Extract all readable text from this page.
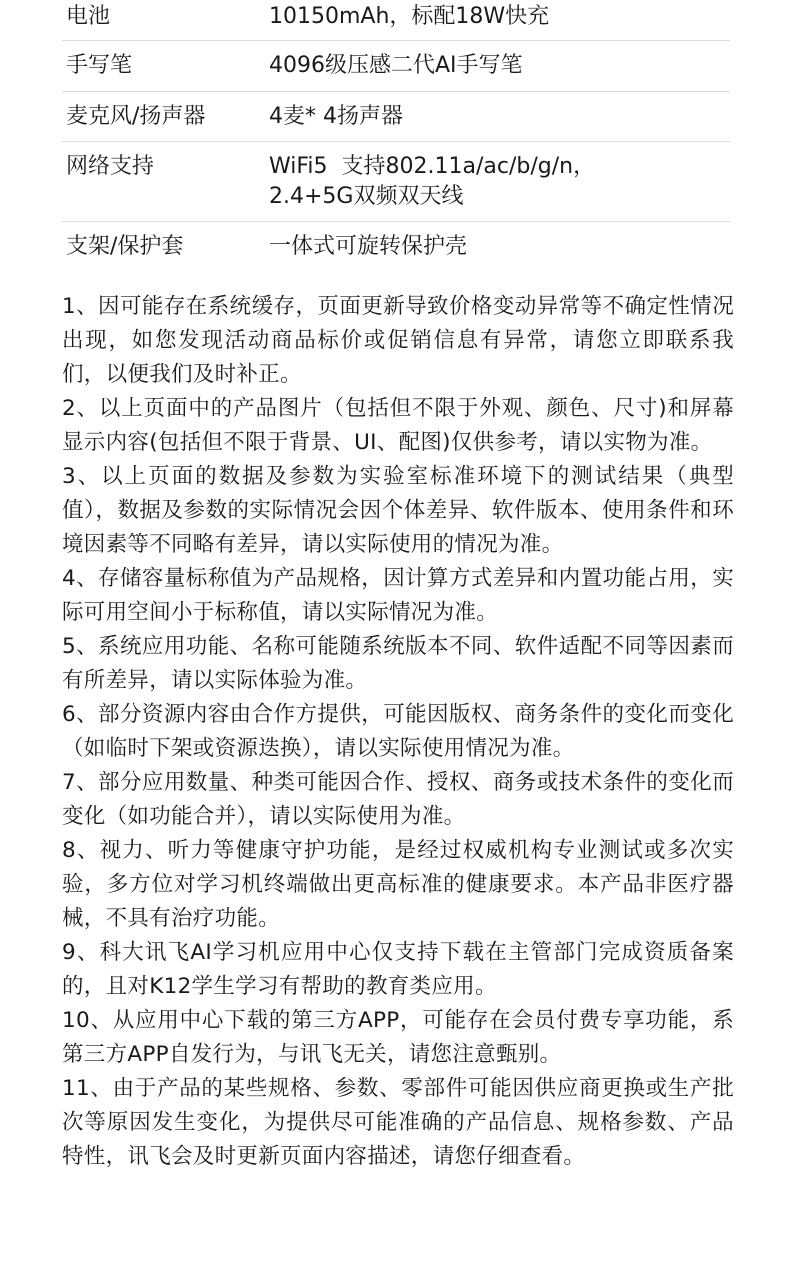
电池	10150mAh，标配18W快充
手写笔	4096级压感二代AI手写笔
麦克风/扬声器	4麦* 4扬声器
网络支持	WiFi5  支持802.11a/ac/b/g/n，
2.4+5G双频双天线
支架/保护套	一体式可旋转保护壳

1、因可能存在系统缓存，页面更新导致价格变动异常等不确定性情况出现，如您发现活动商品标价或促销信息有异常，请您立即联系我们，以便我们及时补正。

2、以上页面中的产品图片（包括但不限于外观、颜色、尺寸)和屏幕显示内容(包括但不限于背景、UI、配图)仅供参考，请以实物为准。

3、以上页面的数据及参数为实验室标准环境下的测试结果（典型值），数据及参数的实际情况会因个体差异、软件版本、使用条件和环境因素等不同略有差异，请以实际使用的情况为准。

4、存储容量标称值为产品规格，因计算方式差异和内置功能占用，实际可用空间小于标称值，请以实际情况为准。

5、系统应用功能、名称可能随系统版本不同、软件适配不同等因素而有所差异，请以实际体验为准。

6、部分资源内容由合作方提供，可能因版权、商务条件的变化而变化（如临时下架或资源迭换），请以实际使用情况为准。

7、部分应用数量、种类可能因合作、授权、商务或技术条件的变化而变化（如功能合并），请以实际使用为准。

8、视力、听力等健康守护功能，是经过权威机构专业测试或多次实验，多方位对学习机终端做出更高标准的健康要求。本产品非医疗器械，不具有治疗功能。

9、科大讯飞AI学习机应用中心仅支持下载在主管部门完成资质备案的，且对K12学生学习有帮助的教育类应用。

10、从应用中心下载的第三方APP，可能存在会员付费专享功能，系第三方APP自发行为，与讯飞无关，请您注意甄别。

11、由于产品的某些规格、参数、零部件可能因供应商更换或生产批次等原因发生变化，为提供尽可能准确的产品信息、规格参数、产品特性，讯飞会及时更新页面内容描述，请您仔细查看。
